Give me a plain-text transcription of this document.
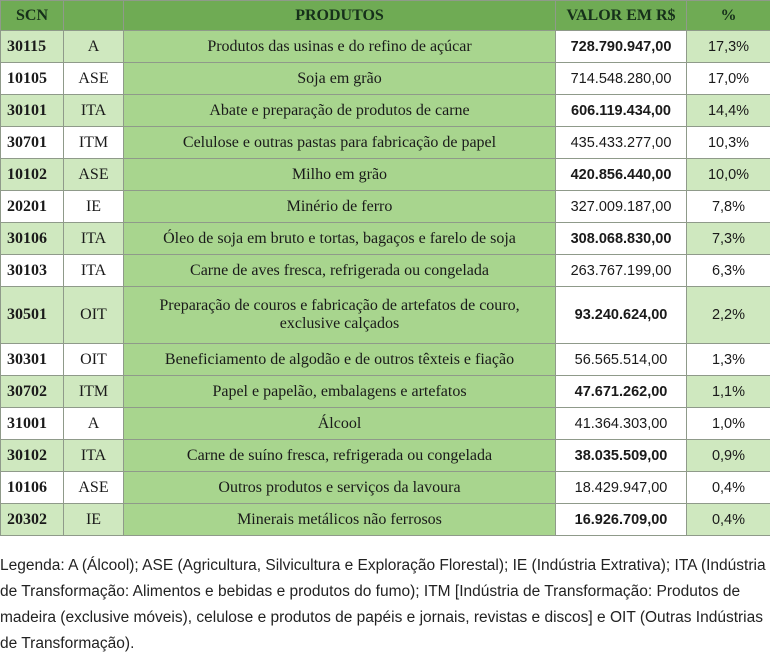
SCN		PRODUTOS	VALOR EM R$	%
30115	A	Produtos das usinas e do refino de açúcar	728.790.947,00	17,3%
10105	ASE	Soja em grão	714.548.280,00	17,0%
30101	ITA	Abate e preparação de produtos de carne	606.119.434,00	14,4%
30701	ITM	Celulose e outras pastas para fabricação de papel	435.433.277,00	10,3%
10102	ASE	Milho em grão	420.856.440,00	10,0%
20201	IE	Minério de ferro	327.009.187,00	7,8%
30106	ITA	Óleo de soja em bruto e tortas, bagaços e farelo de soja	308.068.830,00	7,3%
30103	ITA	Carne de aves fresca, refrigerada ou congelada	263.767.199,00	6,3%
30501	OIT	Preparação de couros e fabricação de artefatos de couro, exclusive calçados	93.240.624,00	2,2%
30301	OIT	Beneficiamento de algodão e de outros têxteis e fiação	56.565.514,00	1,3%
30702	ITM	Papel e papelão, embalagens e artefatos	47.671.262,00	1,1%
31001	A	Álcool	41.364.303,00	1,0%
30102	ITA	Carne de suíno fresca, refrigerada ou congelada	38.035.509,00	0,9%
10106	ASE	Outros produtos e serviços da lavoura	18.429.947,00	0,4%
20302	IE	Minerais metálicos não ferrosos	16.926.709,00	0,4%

Legenda: A (Álcool); ASE (Agricultura, Silvicultura e Exploração Florestal); IE (Indústria Extrativa); ITA (Indústria de Transformação: Alimentos e bebidas e produtos do fumo); ITM [Indústria de Transformação: Produtos de madeira (exclusive móveis), celulose e produtos de papéis e jornais, revistas e discos] e OIT (Outras Indústrias de Transformação).
